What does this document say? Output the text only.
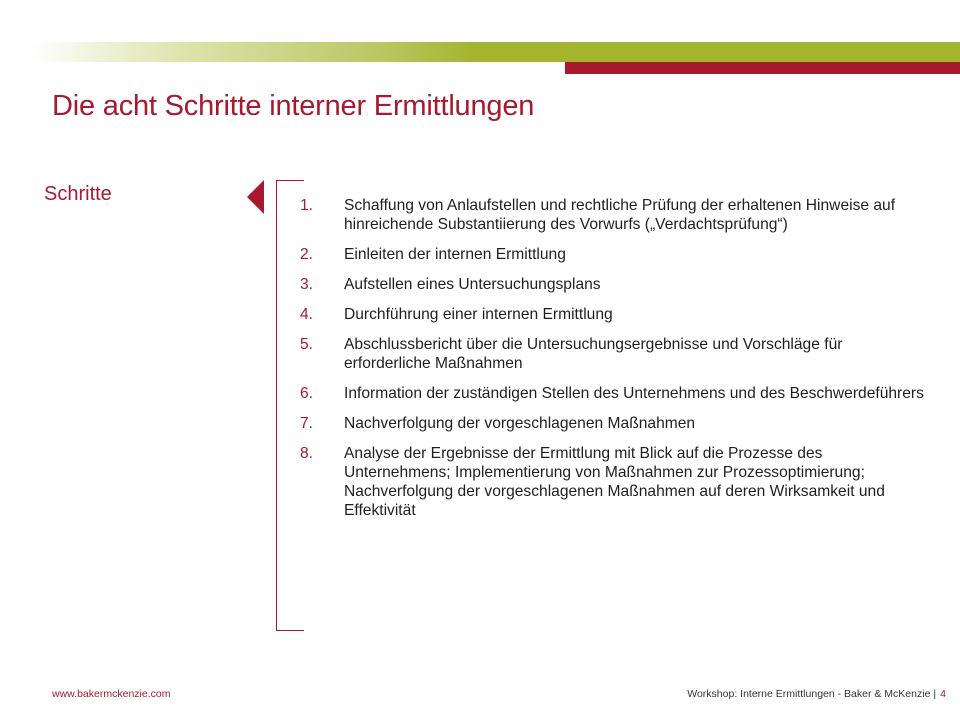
Die acht Schritte interner Ermittlungen
Schritte
1.	Schaffung von Anlaufstellen und rechtliche Prüfung der erhaltenen Hinweise auf hinreichende Substantiierung des Vorwurfs („Verdachtsprüfung“)
2.	Einleiten der internen Ermittlung
3.	Aufstellen eines Untersuchungsplans
4.	Durchführung einer internen Ermittlung
5.	Abschlussbericht über die Untersuchungsergebnisse und Vorschläge für erforderliche Maßnahmen
6.	Information der zuständigen Stellen des Unternehmens und des Beschwerdeführers
7.	Nachverfolgung der vorgeschlagenen Maßnahmen
8.	Analyse der Ergebnisse der Ermittlung mit Blick auf die Prozesse des Unternehmens; Implementierung von Maßnahmen zur Prozessoptimierung; Nachverfolgung der vorgeschlagenen Maßnahmen auf deren Wirksamkeit und Effektivität
www.bakermckenzie.com	Workshop: Interne Ermittlungen - Baker & McKenzie | 4
